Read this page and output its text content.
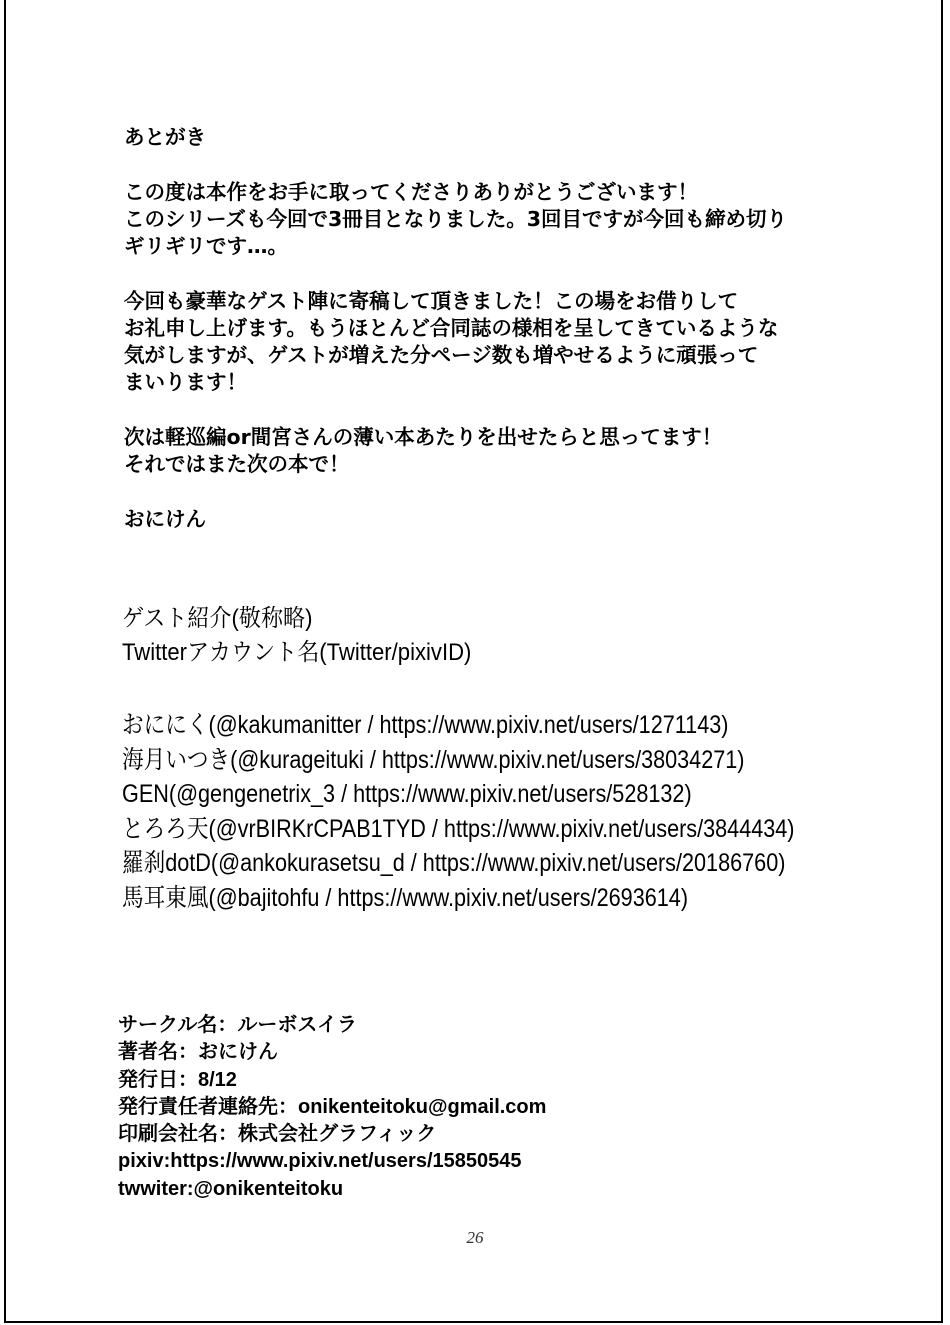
あとがき
この度は本作をお手に取ってくださりありがとうございます！
このシリーズも今回で3冊目となりました。3回目ですが今回も締め切り
ギリギリです…。
今回も豪華なゲスト陣に寄稿して頂きました！この場をお借りして
お礼申し上げます。もうほとんど合同誌の様相を呈してきているような
気がしますが、ゲストが増えた分ページ数も増やせるように頑張って
まいります！
次は軽巡編or間宮さんの薄い本あたりを出せたらと思ってます！
それではまた次の本で！
おにけん
ゲスト紹介(敬称略)
Twitterアカウント名(Twitter/pixivID)
おににく(@kakumanitter / https://www.pixiv.net/users/1271143)
海月いつき(@kurageituki / https://www.pixiv.net/users/38034271)
GEN(@gengenetrix_3 / https://www.pixiv.net/users/528132)
とろろ天(@vrBIRKrCPAB1TYD / https://www.pixiv.net/users/3844434)
羅刹dotD(@ankokurasetsu_d / https://www.pixiv.net/users/20186760)
馬耳東風(@bajitohfu / https://www.pixiv.net/users/2693614)
サークル名：ルーボスイラ
著者名：おにけん
発行日：8/12
発行責任者連絡先：onikenteitoku@gmail.com
印刷会社名：株式会社グラフィック
pixiv:https://www.pixiv.net/users/15850545
twwiter:@onikenteitoku
26
